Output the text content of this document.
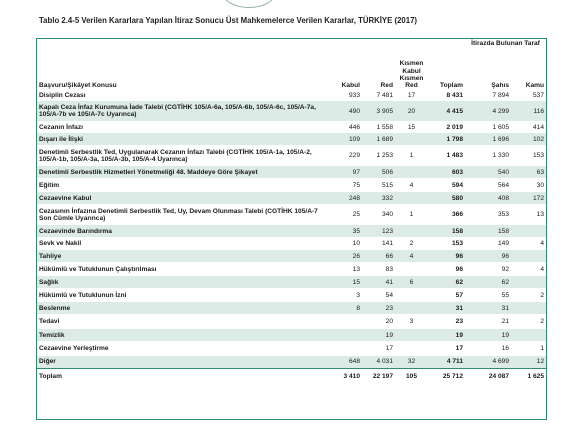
Tablo 2.4-5 Verilen Kararlara Yapılan İtiraz Sonucu Üst Mahkemelerce Verilen Kararlar, TÜRKİYE (2017)
Başvuru/Şikâyet Konusu	Kabul	Red	Kısmen Kabul Kısmen Red	Toplam	İtirazda Bulunan Taraf	
					Şahıs	Kamu
Disiplin Cezası	933	7 481	17	8 431	7 894	537
Kapalı Ceza İnfaz Kurumuna İade Talebi (CGTİHK 105/A-6a, 105/A-6b, 105/A-6c, 105/A-7a, 105/A-7b ve 105/A-7c Uyarınca)	490	3 905	20	4 415	4 299	116
Cezanın İnfazı	446	1 558	15	2 019	1 605	414
Dışarı ile İlişki	109	1 689		1 798	1 696	102
Denetimli Serbestlik Ted, Uygulanarak Cezanın İnfazı Talebi (CGTİHK 105/A-1a, 105/A-2, 105/A-1b, 105/A-3a, 105/A-3b, 105/A-4 Uyarınca)	229	1 253	1	1 483	1 330	153
Denetimli Serbestlik Hizmetleri Yönetmeliği 48. Maddeye Göre Şikayet	97	506		603	540	63
Eğitim	75	515	4	594	564	30
Cezaevine Kabul	248	332		580	408	172
Cezasının İnfazına Denetimli Serbestlik Ted, Uy, Devam Olunması Talebi (CGTİHK 105/A-7 Son Cümle Uyarınca)	25	340	1	366	353	13
Cezaevinde Barındırma	35	123		158	158	
Sevk ve Nakil	10	141	2	153	149	4
Tahliye	26	66	4	96	96	
Hükümlü ve Tutuklunun Çalıştırılması	13	83		96	92	4
Sağlık	15	41	6	62	62	
Hükümlü ve Tutuklunun İzni	3	54		57	55	2
Beslenme	8	23		31	31	
Tedavi		20	3	23	21	2
Temizlik		19		19	19	
Cezaevine Yerleştirme		17		17	16	1
Diğer	648	4 031	32	4 711	4 699	12
Toplam	3 410	22 197	105	25 712	24 087	1 625
